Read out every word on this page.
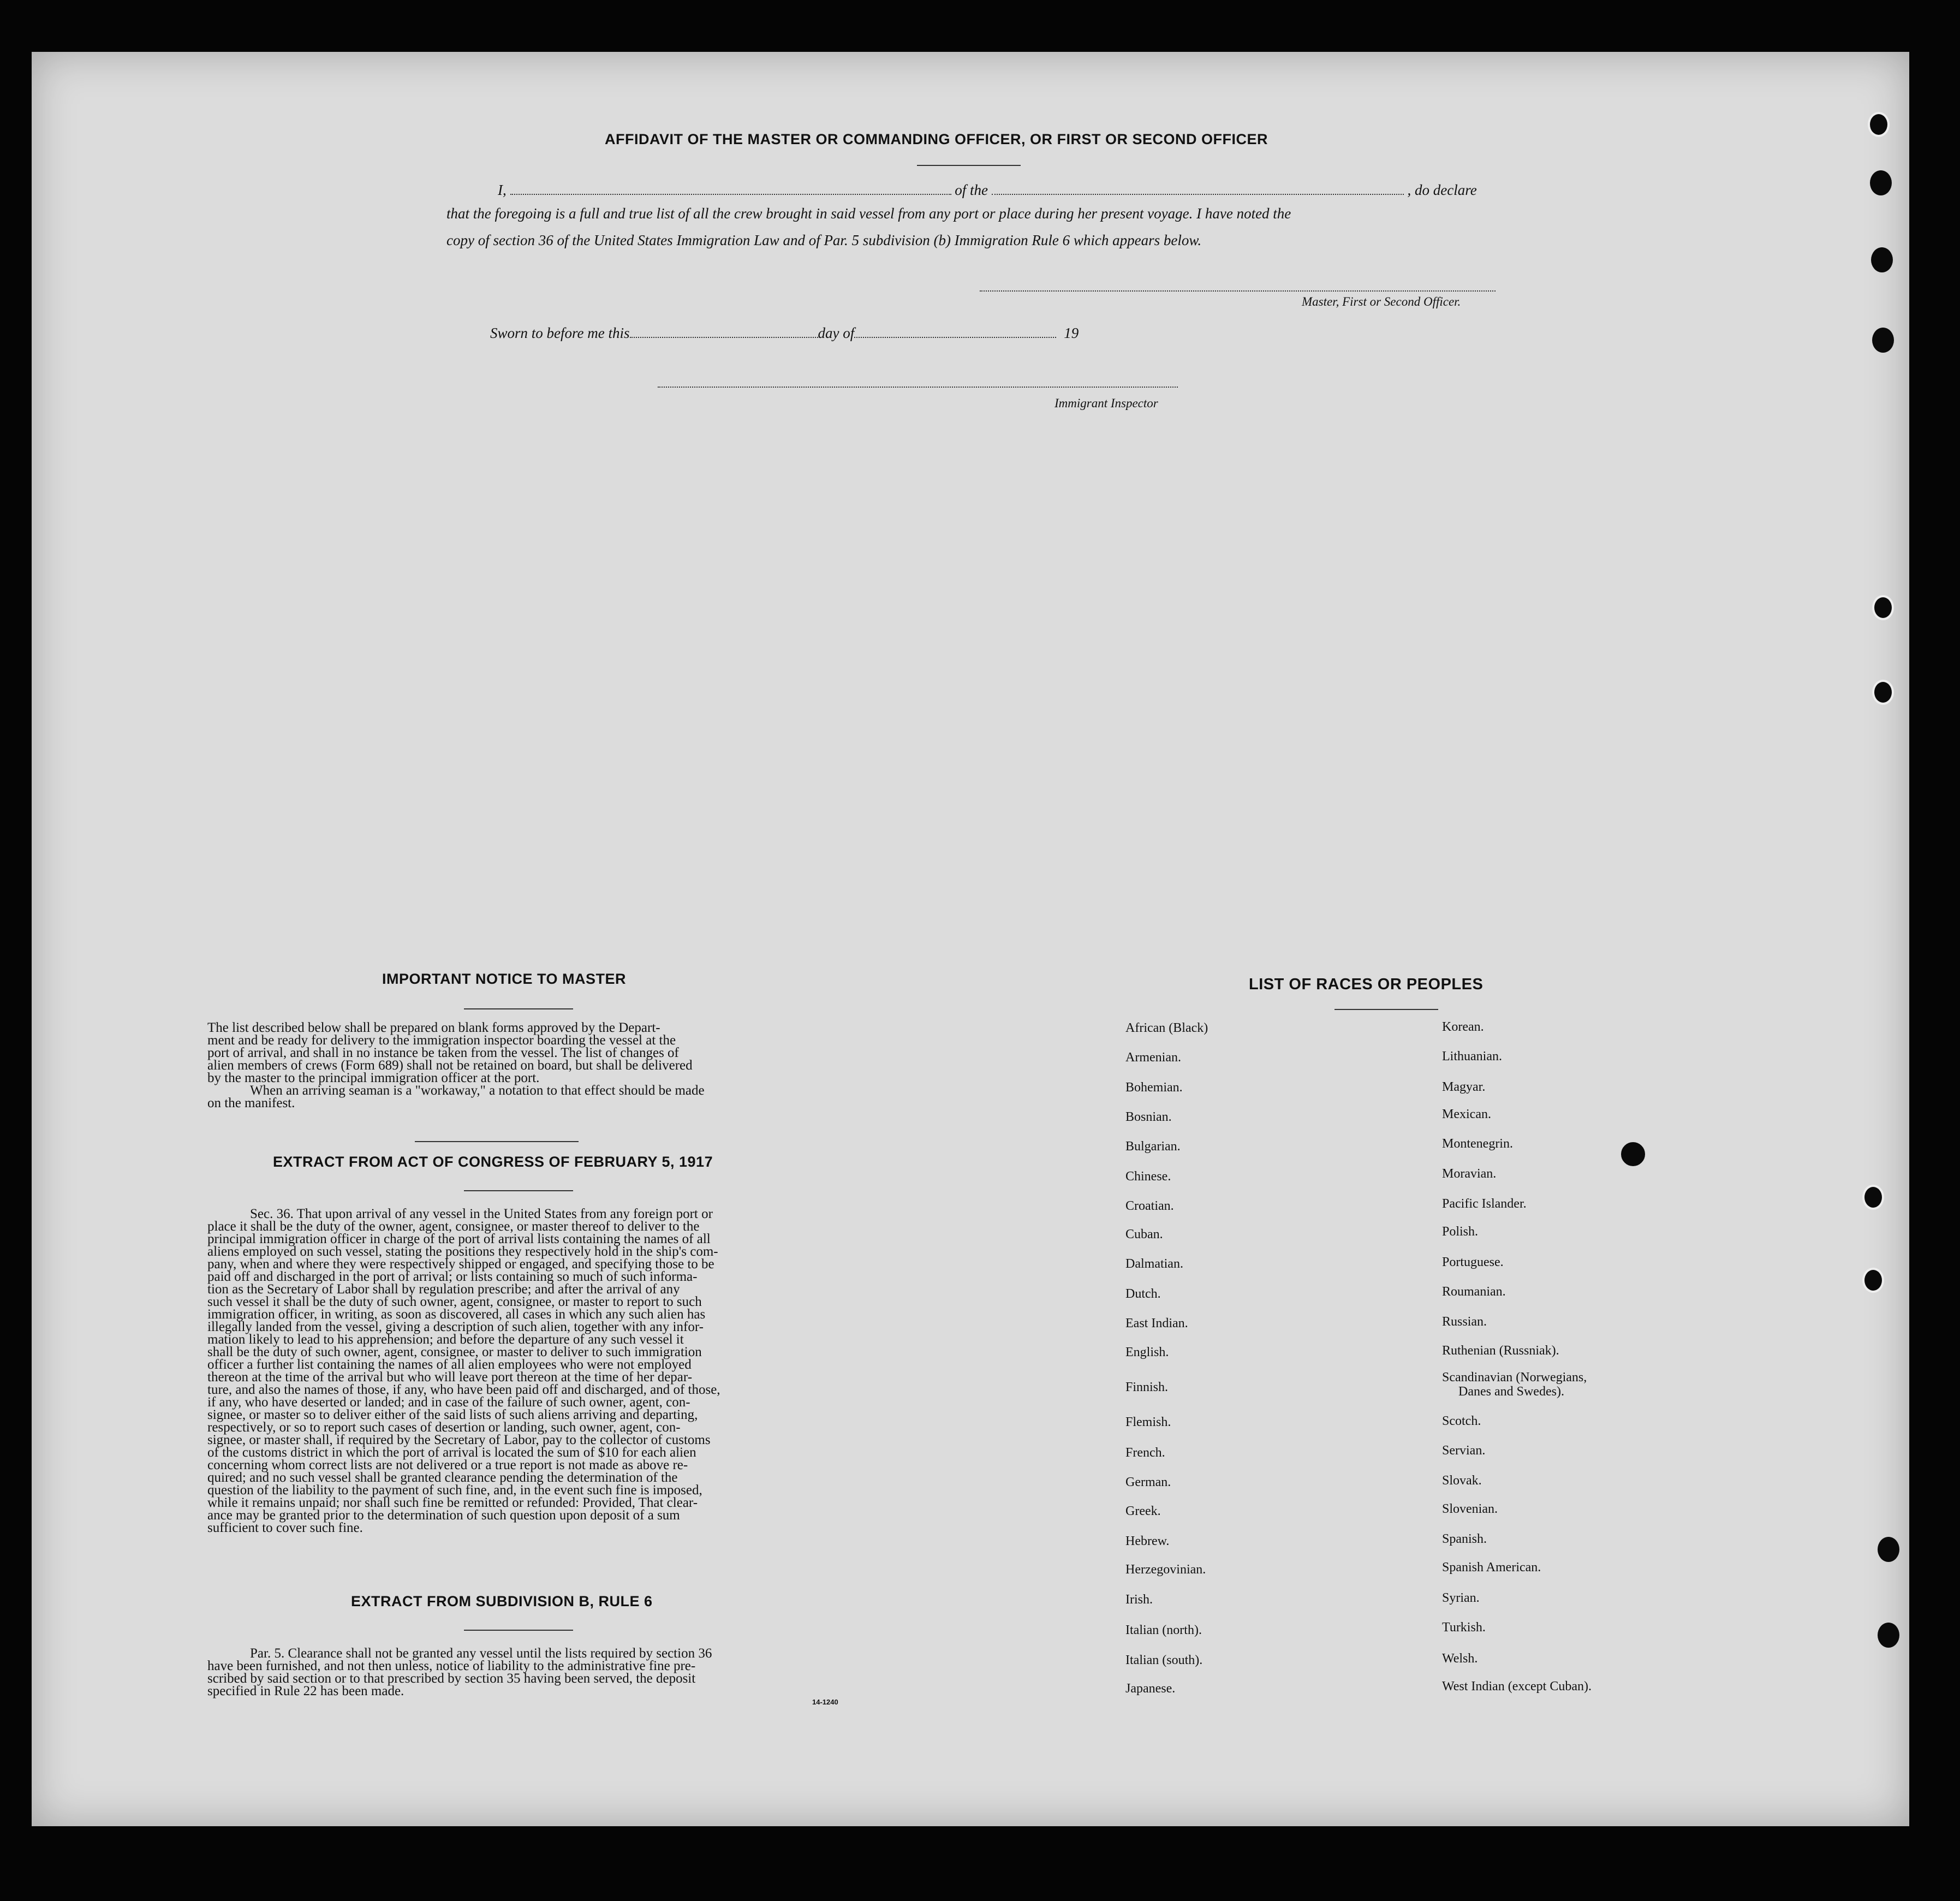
AFFIDAVIT OF THE MASTER OR COMMANDING OFFICER, OR FIRST OR SECOND OFFICER
I,	of the	, do declare
that the foregoing is a full and true list of all the crew brought in said vessel from any port or place during her present voyage. I have noted the
copy of section 36 of the United States Immigration Law and of Par. 5 subdivision (b) Immigration Rule 6 which appears below.
Master, First or Second Officer.
Sworn to before me this	day of	19
Immigrant Inspector
IMPORTANT NOTICE TO MASTER
The list described below shall be prepared on blank forms approved by the Depart-
ment and be ready for delivery to the immigration inspector boarding the vessel at the
port of arrival, and shall in no instance be taken from the vessel. The list of changes of
alien members of crews (Form 689) shall not be retained on board, but shall be delivered
by the master to the principal immigration officer at the port.
When an arriving seaman is a "workaway," a notation to that effect should be made
on the manifest.
EXTRACT FROM ACT OF CONGRESS OF FEBRUARY 5, 1917
Sec. 36. That upon arrival of any vessel in the United States from any foreign port or
place it shall be the duty of the owner, agent, consignee, or master thereof to deliver to the
principal immigration officer in charge of the port of arrival lists containing the names of all
aliens employed on such vessel, stating the positions they respectively hold in the ship's com-
pany, when and where they were respectively shipped or engaged, and specifying those to be
paid off and discharged in the port of arrival; or lists containing so much of such informa-
tion as the Secretary of Labor shall by regulation prescribe; and after the arrival of any
such vessel it shall be the duty of such owner, agent, consignee, or master to report to such
immigration officer, in writing, as soon as discovered, all cases in which any such alien has
illegally landed from the vessel, giving a description of such alien, together with any infor-
mation likely to lead to his apprehension; and before the departure of any such vessel it
shall be the duty of such owner, agent, consignee, or master to deliver to such immigration
officer a further list containing the names of all alien employees who were not employed
thereon at the time of the arrival but who will leave port thereon at the time of her depar-
ture, and also the names of those, if any, who have been paid off and discharged, and of those,
if any, who have deserted or landed; and in case of the failure of such owner, agent, con-
signee, or master so to deliver either of the said lists of such aliens arriving and departing,
respectively, or so to report such cases of desertion or landing, such owner, agent, con-
signee, or master shall, if required by the Secretary of Labor, pay to the collector of customs
of the customs district in which the port of arrival is located the sum of $10 for each alien
concerning whom correct lists are not delivered or a true report is not made as above re-
quired; and no such vessel shall be granted clearance pending the determination of the
question of the liability to the payment of such fine, and, in the event such fine is imposed,
while it remains unpaid; nor shall such fine be remitted or refunded: Provided, That clear-
ance may be granted prior to the determination of such question upon deposit of a sum
sufficient to cover such fine.
EXTRACT FROM SUBDIVISION B, RULE 6
Par. 5. Clearance shall not be granted any vessel until the lists required by section 36
have been furnished, and not then unless, notice of liability to the administrative fine pre-
scribed by said section or to that prescribed by section 35 having been served, the deposit
specified in Rule 22 has been made.
14-1240
LIST OF RACES OR PEOPLES
African (Black)
Armenian.
Bohemian.
Bosnian.
Bulgarian.
Chinese.
Croatian.
Cuban.
Dalmatian.
Dutch.
East Indian.
English.
Finnish.
Flemish.
French.
German.
Greek.
Hebrew.
Herzegovinian.
Irish.
Italian (north).
Italian (south).
Japanese.
Korean.
Lithuanian.
Magyar.
Mexican.
Montenegrin.
Moravian.
Pacific Islander.
Polish.
Portuguese.
Roumanian.
Russian.
Ruthenian (Russniak).
Scandinavian (Norwegians,
Danes and Swedes).
Scotch.
Servian.
Slovak.
Slovenian.
Spanish.
Spanish American.
Syrian.
Turkish.
Welsh.
West Indian (except Cuban).
